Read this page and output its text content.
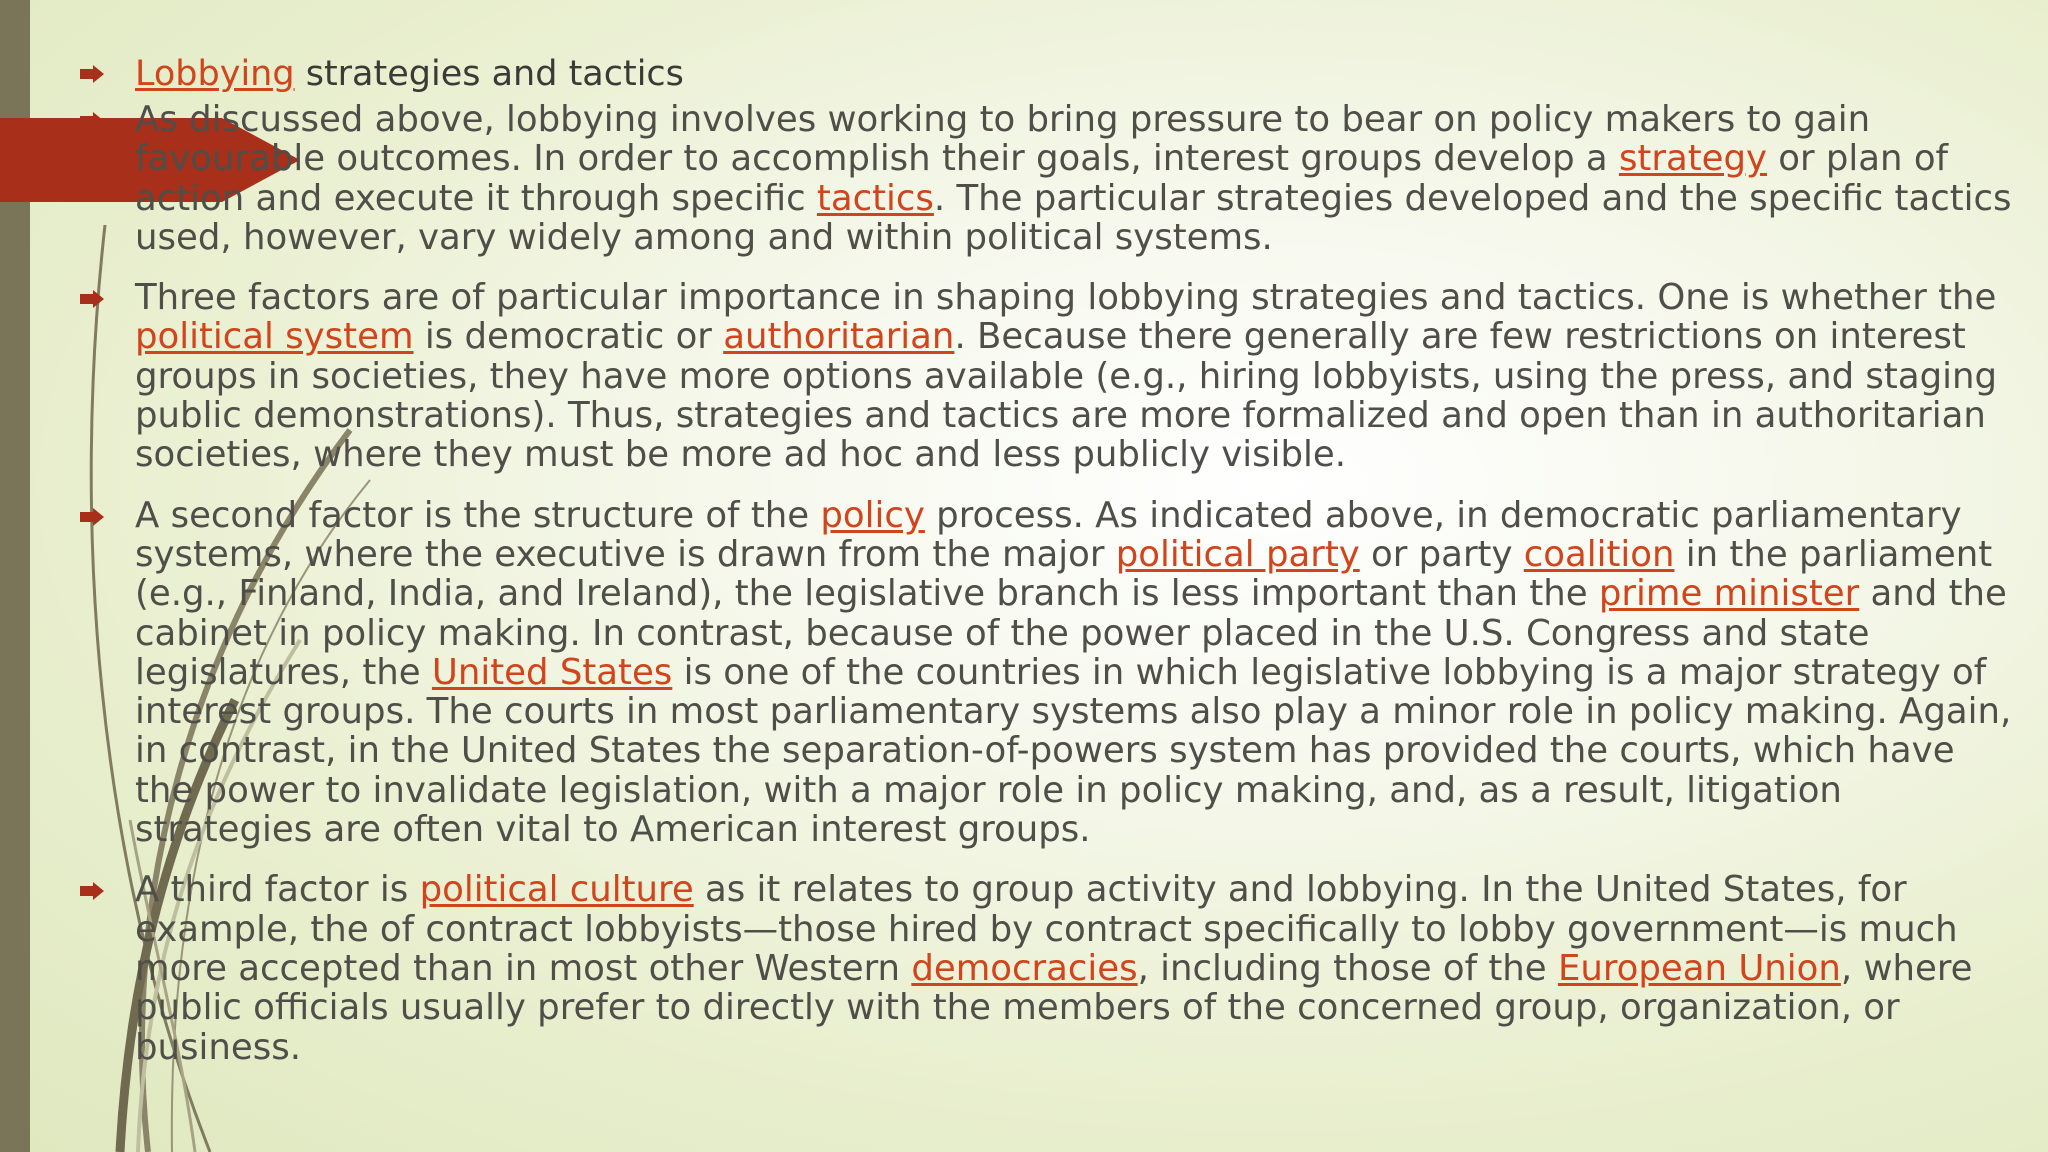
Lobbying strategies and tactics
As discussed above, lobbying involves working to bring pressure to bear on policy makers to gain favourable outcomes. In order to accomplish their goals, interest groups develop a strategy or plan of action and execute it through specific tactics. The particular strategies developed and the specific tactics used, however, vary widely among and within political systems.
Three factors are of particular importance in shaping lobbying strategies and tactics. One is whether the political system is democratic or authoritarian. Because there generally are few restrictions on interest groups in societies, they have more options available (e.g., hiring lobbyists, using the press, and staging public demonstrations). Thus, strategies and tactics are more formalized and open than in authoritarian societies, where they must be more ad hoc and less publicly visible.
A second factor is the structure of the policy process. As indicated above, in democratic parliamentary systems, where the executive is drawn from the major political party or party coalition in the parliament (e.g., Finland, India, and Ireland), the legislative branch is less important than the prime minister and the cabinet in policy making. In contrast, because of the power placed in the U.S. Congress and state legislatures, the United States is one of the countries in which legislative lobbying is a major strategy of interest groups. The courts in most parliamentary systems also play a minor role in policy making. Again, in contrast, in the United States the separation-of-powers system has provided the courts, which have the power to invalidate legislation, with a major role in policy making, and, as a result, litigation strategies are often vital to American interest groups.
A third factor is political culture as it relates to group activity and lobbying. In the United States, for example, the of contract lobbyists—those hired by contract specifically to lobby government—is much more accepted than in most other Western democracies, including those of the European Union, where public officials usually prefer to directly with the members of the concerned group, organization, or business.
